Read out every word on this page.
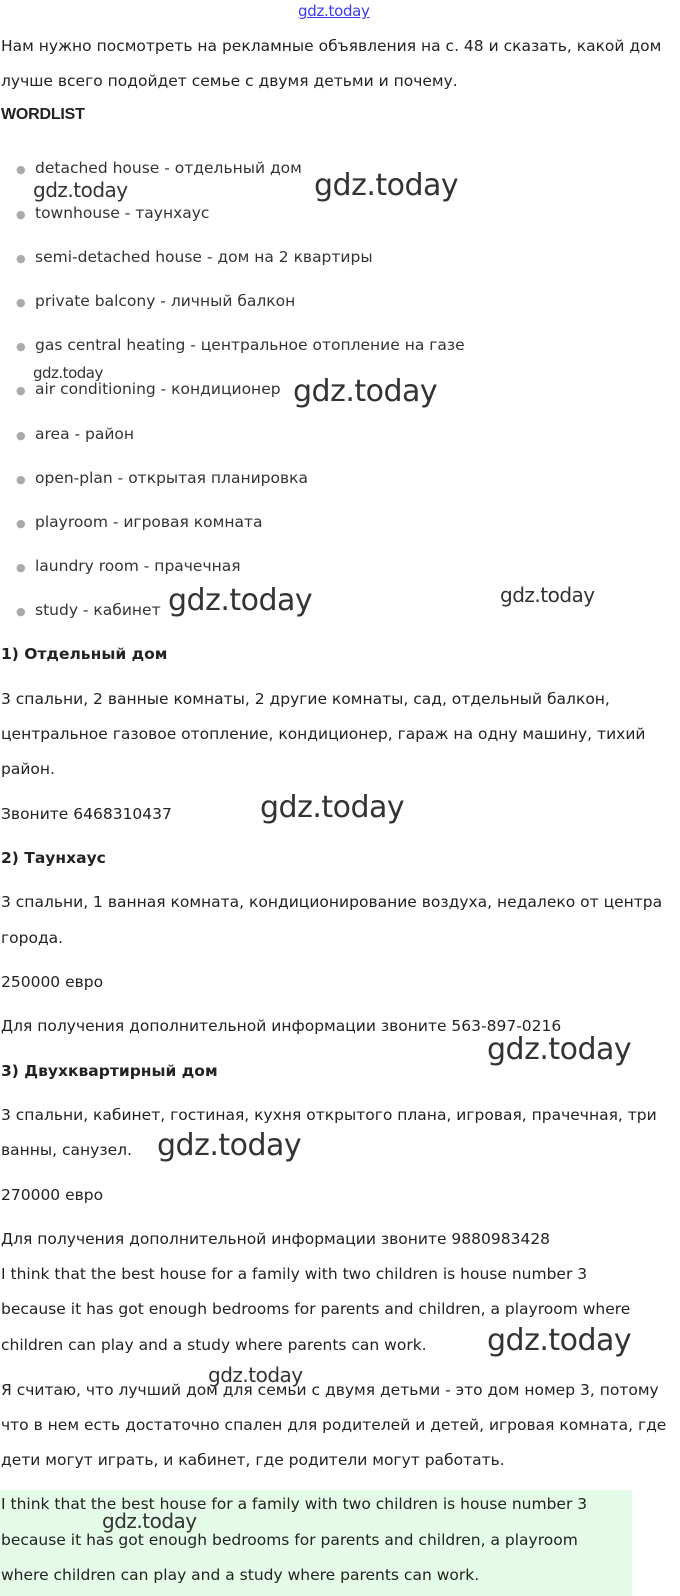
gdz.today
Нам нужно посмотреть на рекламные объявления на с. 48 и сказать, какой дом
лучше всего подойдет семье с двумя детьми и почему.
WORDLIST
● detached house - отдельный дом
● townhouse - таунхаус
● semi-detached house - дом на 2 квартиры
● private balcony - личный балкон
● gas central heating - центральное отопление на газе
● air conditioning - кондиционер
● area - район
● open-plan - открытая планировка
● playroom - игровая комната
● laundry room - прачечная
● study - кабинет
1) Отдельный дом
3 спальни, 2 ванные комнаты, 2 другие комнаты, сад, отдельный балкон,
центральное газовое отопление, кондиционер, гараж на одну машину, тихий
район.
Звоните 6468310437
2) Таунхаус
3 спальни, 1 ванная комната, кондиционирование воздуха, недалеко от центра
города.
250000 евро
Для получения дополнительной информации звоните 563-897-0216
3) Двухквартирный дом
3 спальни, кабинет, гостиная, кухня открытого плана, игровая, прачечная, три
ванны, санузел.
270000 евро
Для получения дополнительной информации звоните 9880983428
I think that the best house for a family with two children is house number 3
because it has got enough bedrooms for parents and children, a playroom where
children can play and a study where parents can work.
Я считаю, что лучший дом для семьи с двумя детьми - это дом номер 3, потому
что в нем есть достаточно спален для родителей и детей, игровая комната, где
дети могут играть, и кабинет, где родители могут работать.
I think that the best house for a family with two children is house number 3
because it has got enough bedrooms for parents and children, a playroom
where children can play and a study where parents can work.
gdz.today	gdz.today
gdz.today
gdz.today
gdz.today	gdz.today
gdz.today
gdz.today
gdz.today
gdz.today
gdz.today
gdz.today
